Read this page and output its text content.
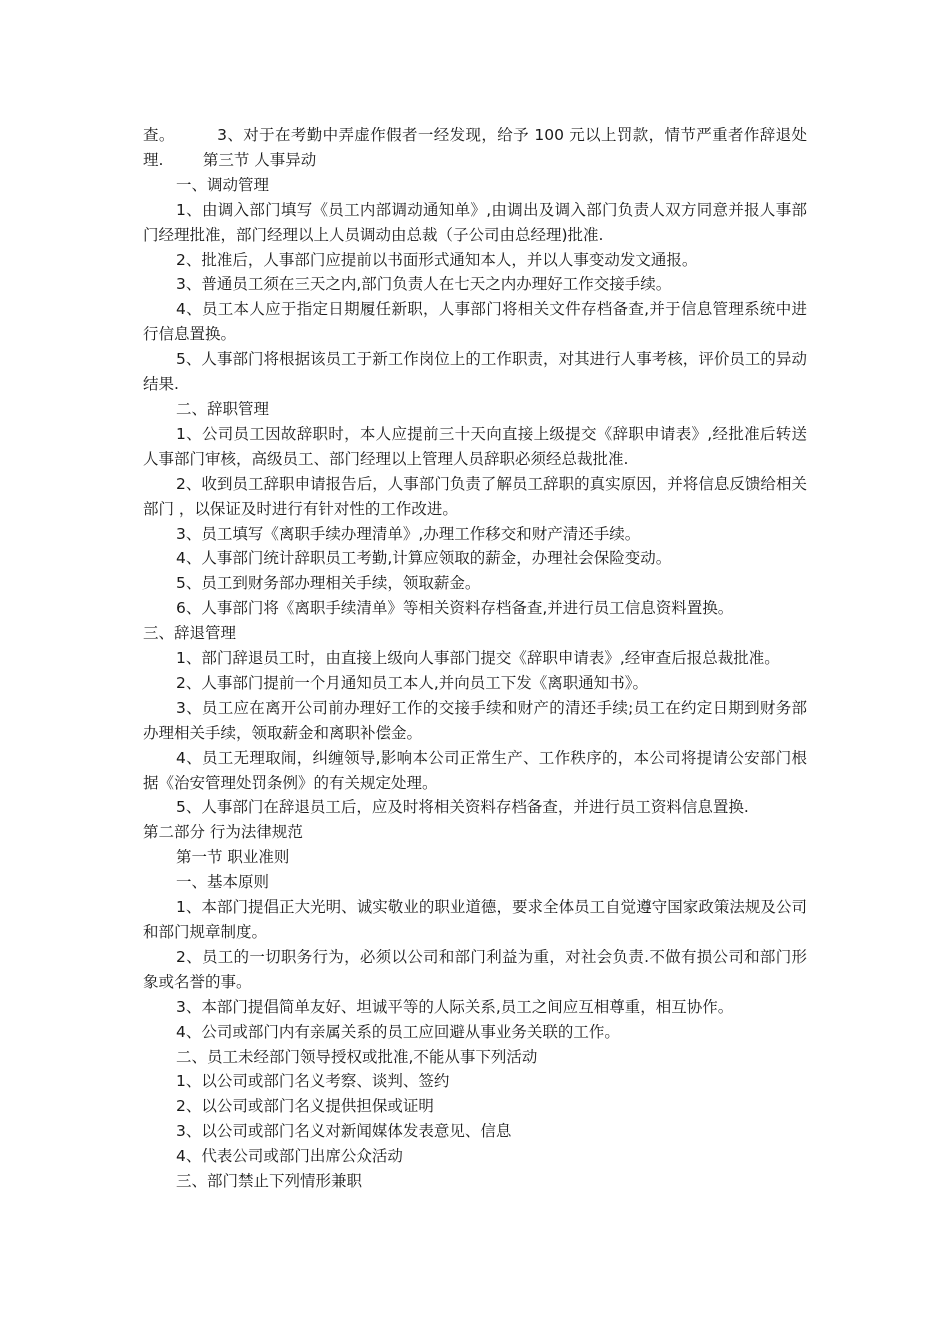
查。        3、对于在考勤中弄虚作假者一经发现，给予 100 元以上罚款，情节严重者作辞退处理.        第三节 人事异动

一、调动管理

1、由调入部门填写《员工内部调动通知单》,由调出及调入部门负责人双方同意并报人事部门经理批准，部门经理以上人员调动由总裁（子公司由总经理)批准.

2、批准后，人事部门应提前以书面形式通知本人，并以人事变动发文通报。

3、普通员工须在三天之内,部门负责人在七天之内办理好工作交接手续。

4、员工本人应于指定日期履任新职，人事部门将相关文件存档备查,并于信息管理系统中进行信息置换。

5、人事部门将根据该员工于新工作岗位上的工作职责，对其进行人事考核，评价员工的异动结果.

二、辞职管理

1、公司员工因故辞职时，本人应提前三十天向直接上级提交《辞职申请表》,经批准后转送人事部门审核，高级员工、部门经理以上管理人员辞职必须经总裁批准.

2、收到员工辞职申请报告后，人事部门负责了解员工辞职的真实原因，并将信息反馈给相关部门 ，以保证及时进行有针对性的工作改进。

3、员工填写《离职手续办理清单》,办理工作移交和财产清还手续。

4、人事部门统计辞职员工考勤,计算应领取的薪金，办理社会保险变动。

5、员工到财务部办理相关手续，领取薪金。

6、人事部门将《离职手续清单》等相关资料存档备查,并进行员工信息资料置换。

三、辞退管理

1、部门辞退员工时，由直接上级向人事部门提交《辞职申请表》,经审查后报总裁批准。

2、人事部门提前一个月通知员工本人,并向员工下发《离职通知书》。

3、员工应在离开公司前办理好工作的交接手续和财产的清还手续;员工在约定日期到财务部办理相关手续，领取薪金和离职补偿金。

4、员工无理取闹，纠缠领导,影响本公司正常生产、工作秩序的，本公司将提请公安部门根据《治安管理处罚条例》的有关规定处理。

5、人事部门在辞退员工后，应及时将相关资料存档备查，并进行员工资料信息置换.

第二部分 行为法律规范

第一节 职业准则

一、基本原则

1、本部门提倡正大光明、诚实敬业的职业道德，要求全体员工自觉遵守国家政策法规及公司和部门规章制度。

2、员工的一切职务行为，必须以公司和部门利益为重，对社会负责.不做有损公司和部门形象或名誉的事。

3、本部门提倡简单友好、坦诚平等的人际关系,员工之间应互相尊重，相互协作。

4、公司或部门内有亲属关系的员工应回避从事业务关联的工作。

二、员工未经部门领导授权或批准,不能从事下列活动

1、以公司或部门名义考察、谈判、签约

2、以公司或部门名义提供担保或证明

3、以公司或部门名义对新闻媒体发表意见、信息

4、代表公司或部门出席公众活动

三、部门禁止下列情形兼职
